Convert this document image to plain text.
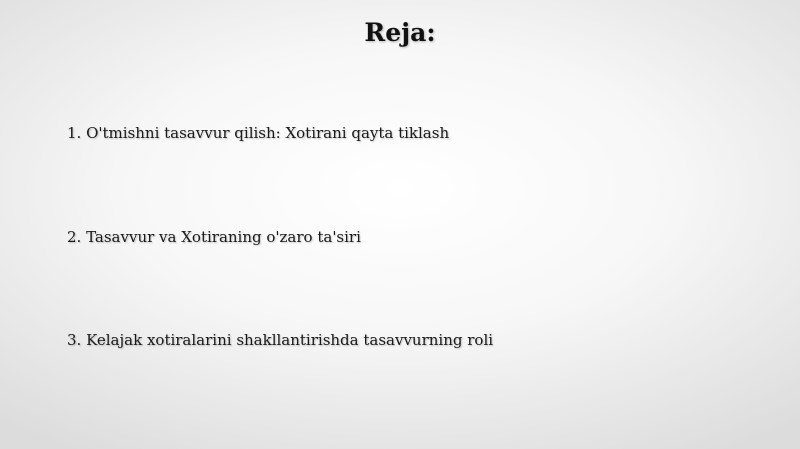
Reja:
1. O'tmishni tasavvur qilish: Xotirani qayta tiklash
2. Tasavvur va Xotiraning o'zaro ta'siri
3. Kelajak xotiralarini shakllantirishda tasavvurning roli
